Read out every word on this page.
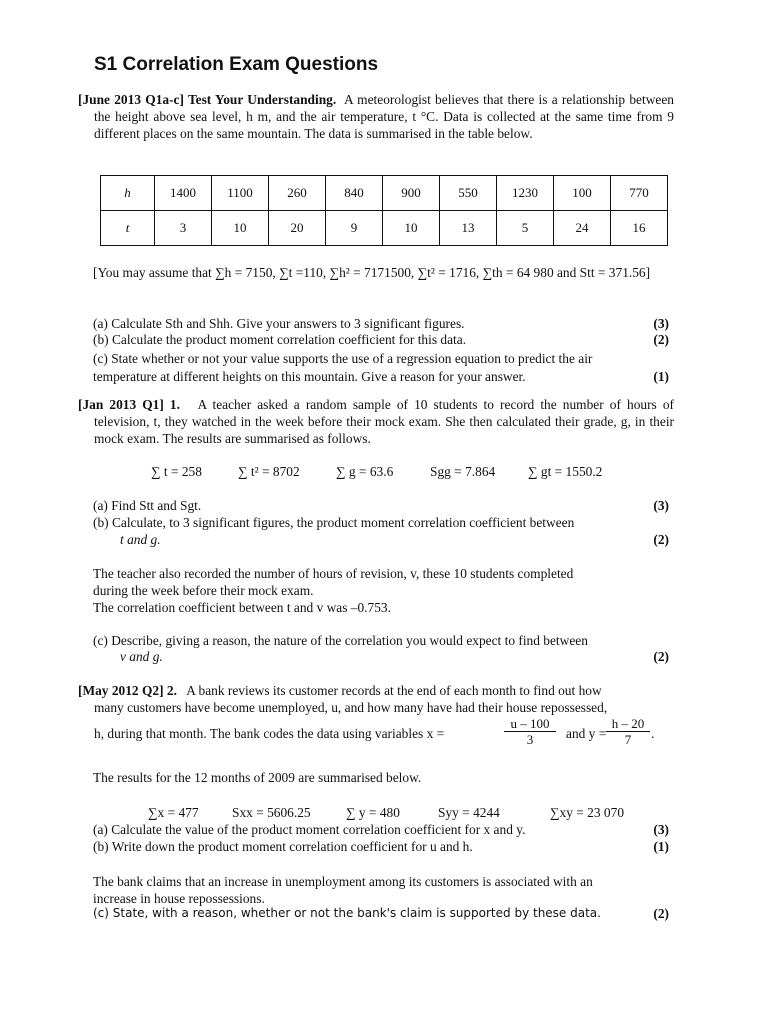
S1 Correlation Exam Questions
[June 2013 Q1a-c] Test Your Understanding. A meteorologist believes that there is a relationship between the height above sea level, h m, and the air temperature, t °C. Data is collected at the same time from 9 different places on the same mountain. The data is summarised in the table below.
h	1400	1100	260	840	900	550	1230	100	770
t	3	10	20	9	10	13	5	24	16
[You may assume that ∑h = 7150, ∑t =110, ∑h² = 7171500, ∑t² = 1716, ∑th = 64 980 and Stt = 371.56]
(a) Calculate Sth and Shh. Give your answers to 3 significant figures.	(3)
(b) Calculate the product moment correlation coefficient for this data.	(2)
(c) State whether or not your value supports the use of a regression equation to predict the air
temperature at different heights on this mountain. Give a reason for your answer.	(1)
[Jan 2013 Q1] 1. A teacher asked a random sample of 10 students to record the number of hours of television, t, they watched in the week before their mock exam. She then calculated their grade, g, in their mock exam. The results are summarised as follows.
∑ t = 258	∑ t² = 8702	∑ g = 63.6	Sgg = 7.864 ∑ gt = 1550.2
(a) Find Stt and Sgt.	(3)
(b) Calculate, to 3 significant figures, the product moment correlation coefficient between
t and g.	(2)
The teacher also recorded the number of hours of revision, v, these 10 students completed
during the week before their mock exam.
The correlation coefficient between t and v was –0.753.
(c) Describe, giving a reason, the nature of the correlation you would expect to find between
v and g.	(2)
[May 2012 Q2] 2. A bank reviews its customer records at the end of each month to find out how
many customers have become unemployed, u, and how many have had their house repossessed,
h, during that month. The bank codes the data using variables x =
u – 100
3	and y =
h – 20
7	.
The results for the 12 months of 2009 are summarised below.
∑x = 477 Sxx = 5606.25	∑ y = 480	Syy = 4244	∑xy = 23 070
(a) Calculate the value of the product moment correlation coefficient for x and y.	(3)
(b) Write down the product moment correlation coefficient for u and h.	(1)
The bank claims that an increase in unemployment among its customers is associated with an
increase in house repossessions.
(c) State, with a reason, whether or not the bank's claim is supported by these data.	(2)
